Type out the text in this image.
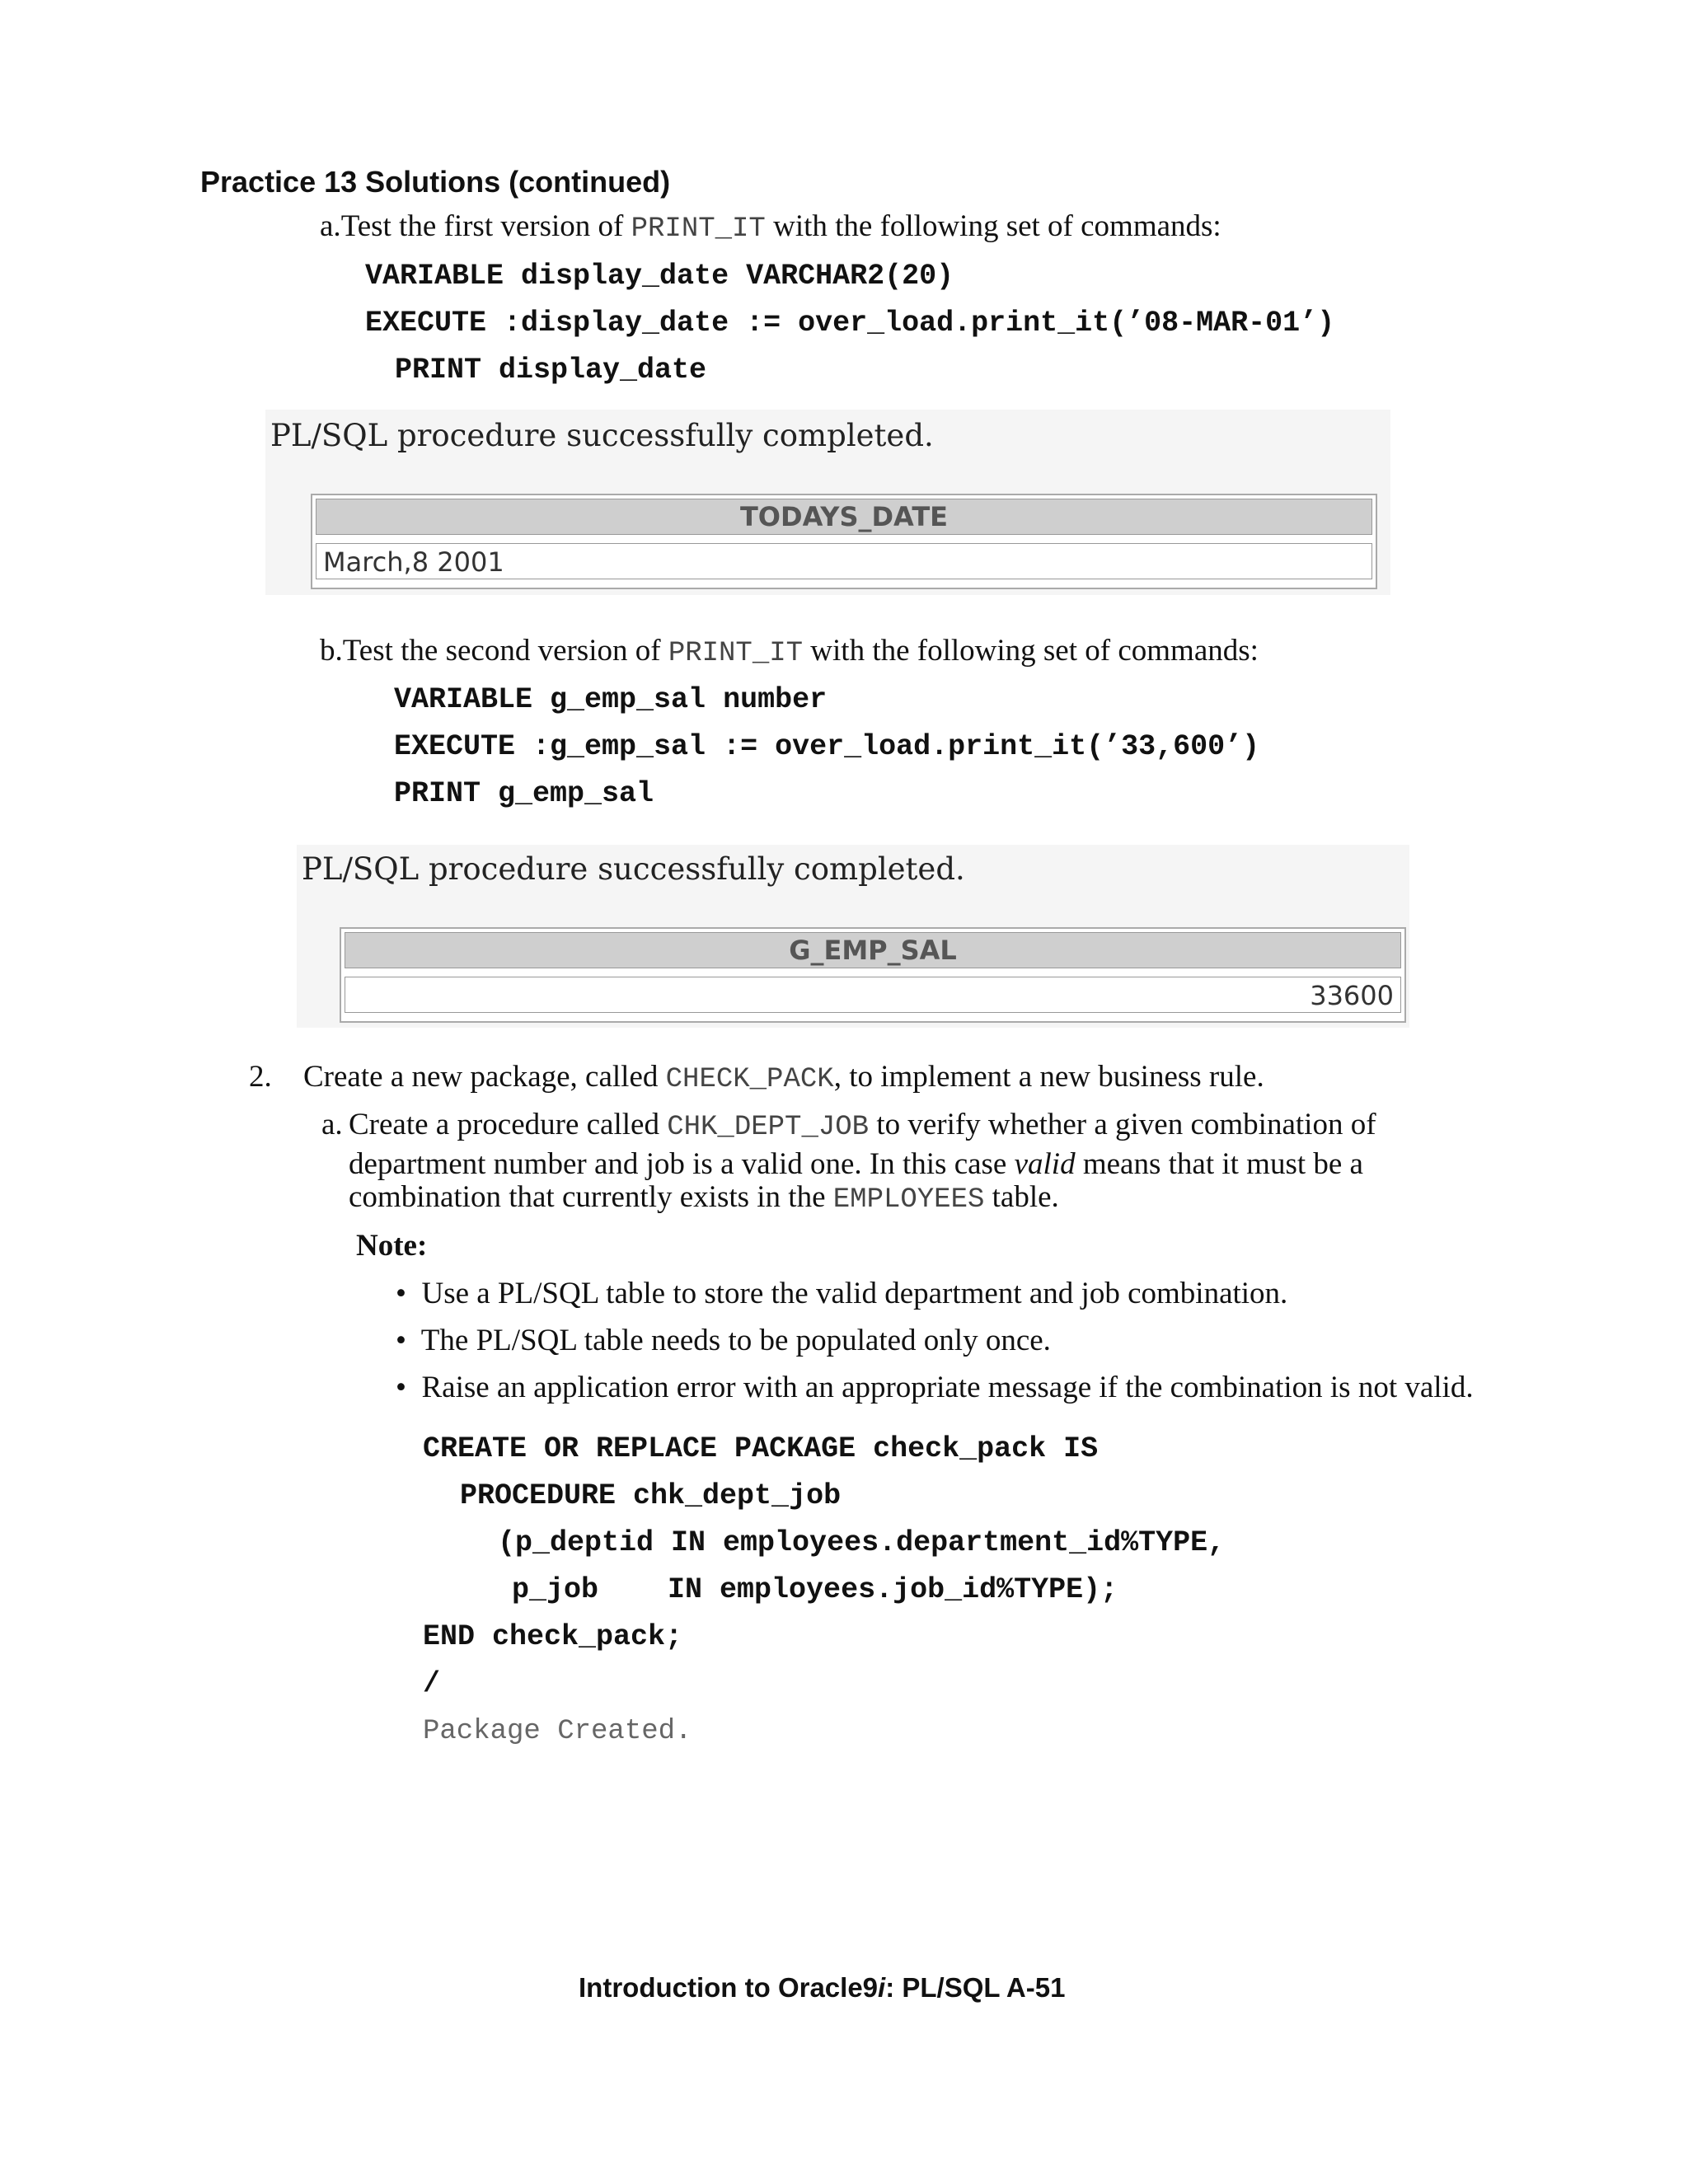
Practice 13 Solutions (continued)
a.Test the first version of PRINT_IT with the following set of commands:
VARIABLE display_date VARCHAR2(20)
EXECUTE :display_date := over_load.print_it(’08-MAR-01’)
PRINT display_date
PL/SQL procedure successfully completed.
TODAYS_DATE
March,8 2001
b.Test the second version of PRINT_IT with the following set of commands:
VARIABLE g_emp_sal number
EXECUTE :g_emp_sal := over_load.print_it(’33,600’)
PRINT g_emp_sal
PL/SQL procedure successfully completed.
G_EMP_SAL
33600
2. Create a new package, called CHECK_PACK, to implement a new business rule.
a. Create a procedure called CHK_DEPT_JOB to verify whether a given combination of
department number and job is a valid one. In this case valid means that it must be a
combination that currently exists in the EMPLOYEES table.
Note:
•  Use a PL/SQL table to store the valid department and job combination.
•  The PL/SQL table needs to be populated only once.
•  Raise an application error with an appropriate message if the combination is not valid.
CREATE OR REPLACE PACKAGE check_pack IS
PROCEDURE chk_dept_job
(p_deptid IN employees.department_id%TYPE,
p_job    IN employees.job_id%TYPE);
END check_pack;
/
Package Created.
Introduction to Oracle9i: PL/SQL A-51
